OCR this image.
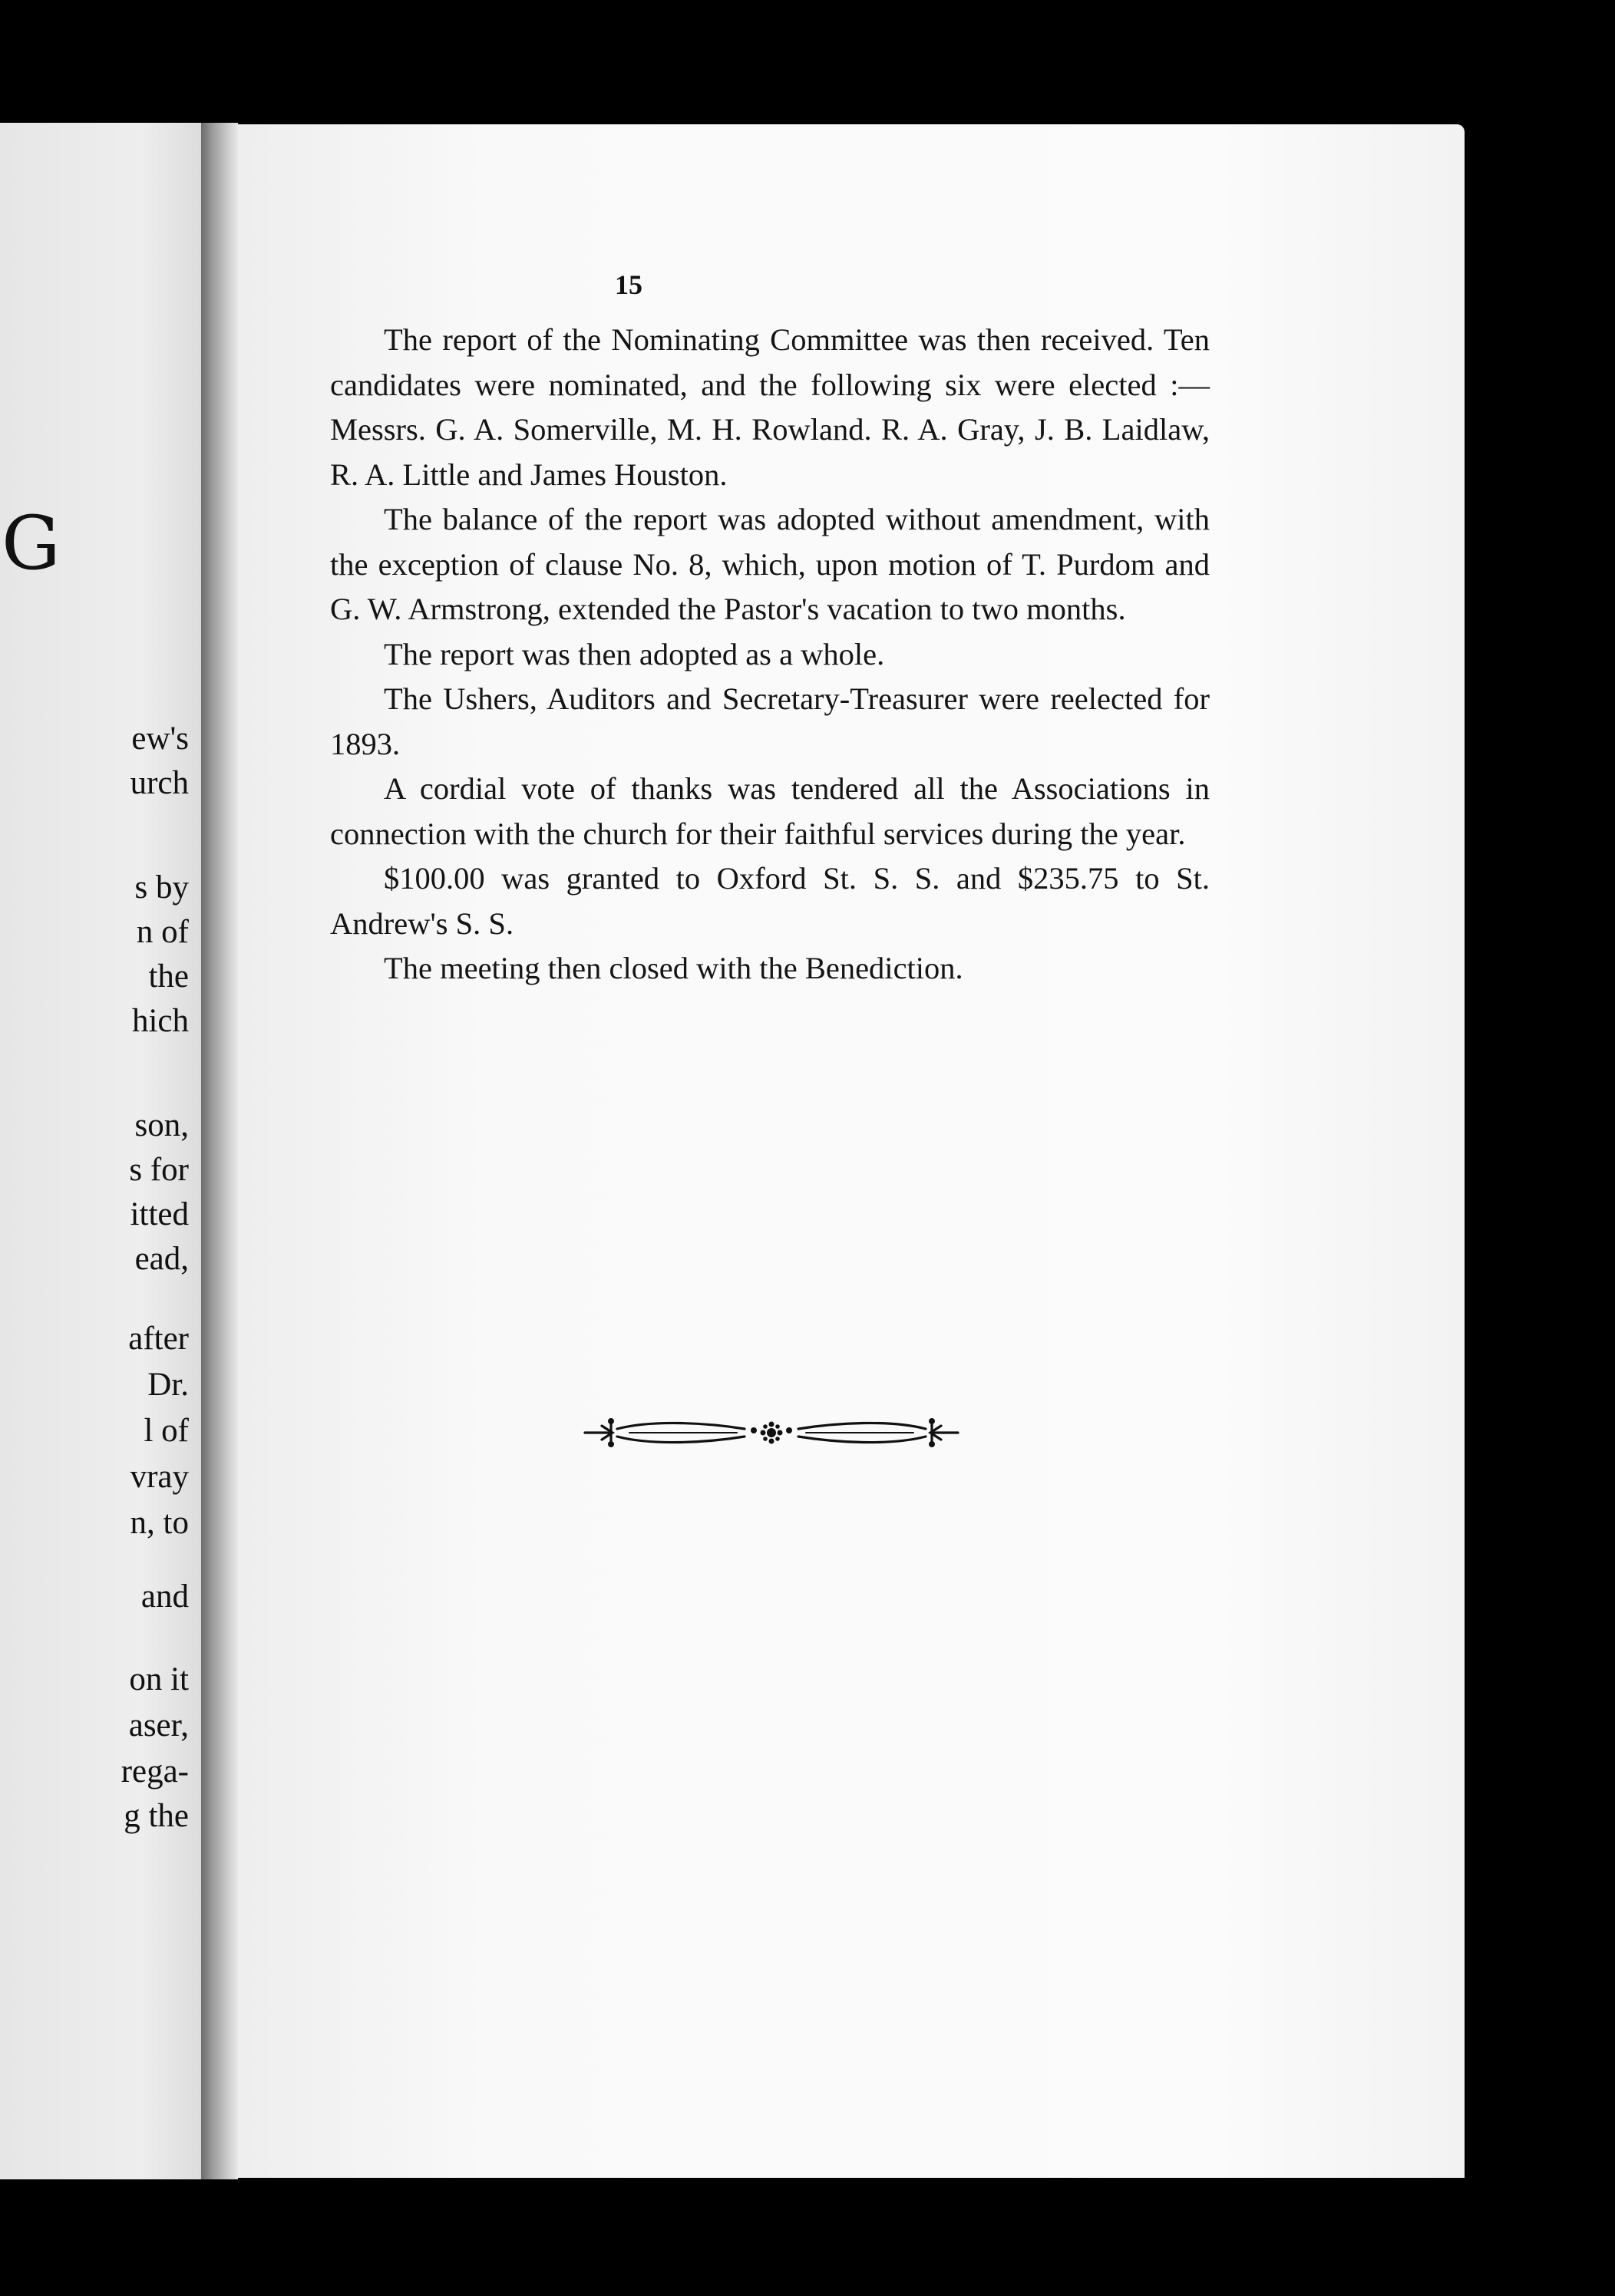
G
ew's
urch
s by
n of
the
hich
son,
s for
itted
ead,
after
Dr.
l of
vray
n, to
and
on it
aser,
rega-
g the
15

The report of the Nominating Committee was then received. Ten candidates were nominated, and the following six were elected :—Messrs. G. A. Somerville, M. H. Rowland. R. A. Gray, J. B. Laidlaw, R. A. Little and James Houston.

The balance of the report was adopted without amendment, with the exception of clause No. 8, which, upon motion of T. Purdom and G. W. Armstrong, extended the Pastor's vacation to two months.

The report was then adopted as a whole.

The Ushers, Auditors and Secretary-Treasurer were reelected for 1893.

A cordial vote of thanks was tendered all the Associations in connection with the church for their faithful services during the year.

$100.00 was granted to Oxford St. S. S. and $235.75 to St. Andrew's S. S.

The meeting then closed with the Benediction.
